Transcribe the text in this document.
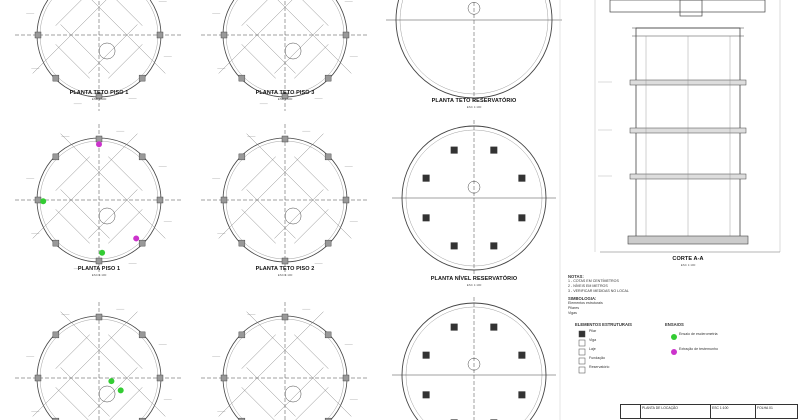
PLANTA TETO PISO 1
ESC 1:100
PLANTA TETO PISO 3
ESC 1:100	PLANTA TETO RESERVATÓRIO
ESC 1:100
PLANTA PISO 1
ESC 1:100
PLANTA TETO PISO 2
ESC 1:100
PLANTA NÍVEL RESERVATÓRIO
ESC 1:100
CORTE A-A
ESC 1:100
NOTAS:
1 - COTAS EM CENTÍMETROS
2 - NÍVEIS EM METROS
3 - VERIFICAR MEDIDAS NO LOCAL
SIMBOLOGIA:
Elementos estruturais
Pilares
Vigas
ELEMENTOS ESTRUTURAIS
Pilar
Viga
Laje
Fundação
Reservatório
ENSAIOS
Ensaio de esclerometria
Extração de testemunho
PLANTA DE LOCAÇÃO	ESC 1:100	FOLHA 01
